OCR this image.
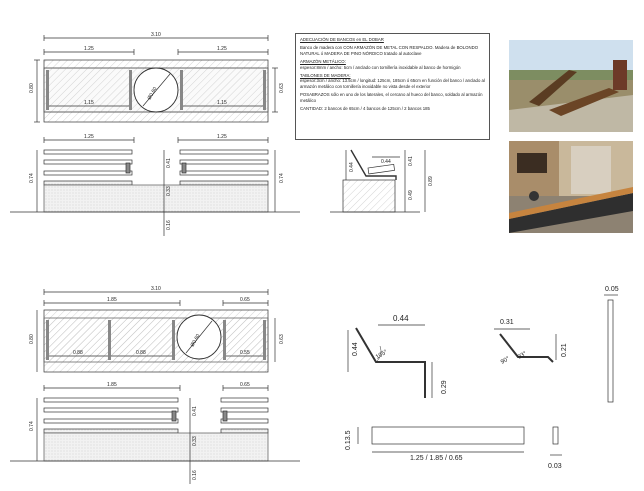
3.10
1.25	1.25
0.80	0.63
1.15	1.15
Ø0.60
1.25	1.25
0.74	0.74
0.41
0.33
0.16
0.44	0.41
0.89
0.49
0.44
3.10
1.85	0.65
0.80	0.63
0.88	0.88	0.55
Ø0.60
1.85	0.65
0.74
0.41
0.33
0.16
0.44
0.44	105°
0.29
0.31
0.21
90°
93°
0.05
0.13.5
1.25 / 1.85 / 0.65
0.03

ADECUACIÓN DE BANCOS en EL DOBAR

Banco de madera con CON ARMAZÓN DE METAL CON RESPALDO. Madera de BOLONDO NATURAL ó MADERA DE PINO NÓRDICO tratado al autoclave

ARMAZÓN METÁLICO:

espesor:8mm / ancho: 5cm / anclado con tornillería inoxidable al banco de hormigón

TABLONES DE MADERA:

espesor:3cm / ancho: 13.5cm / longitud: 125cm, 185cm ó 65cm en función del banco / anclado al armazón metálico con tornillería inoxidable no vista desde el exterior

POSABRAZOS sólo en uno de los laterales, el cercano al hueco del banco, soldado al armazón metálico

CANTIDAD: 2 bancos de 65cm / 4 bancos de 125cm / 2 bancos 185
